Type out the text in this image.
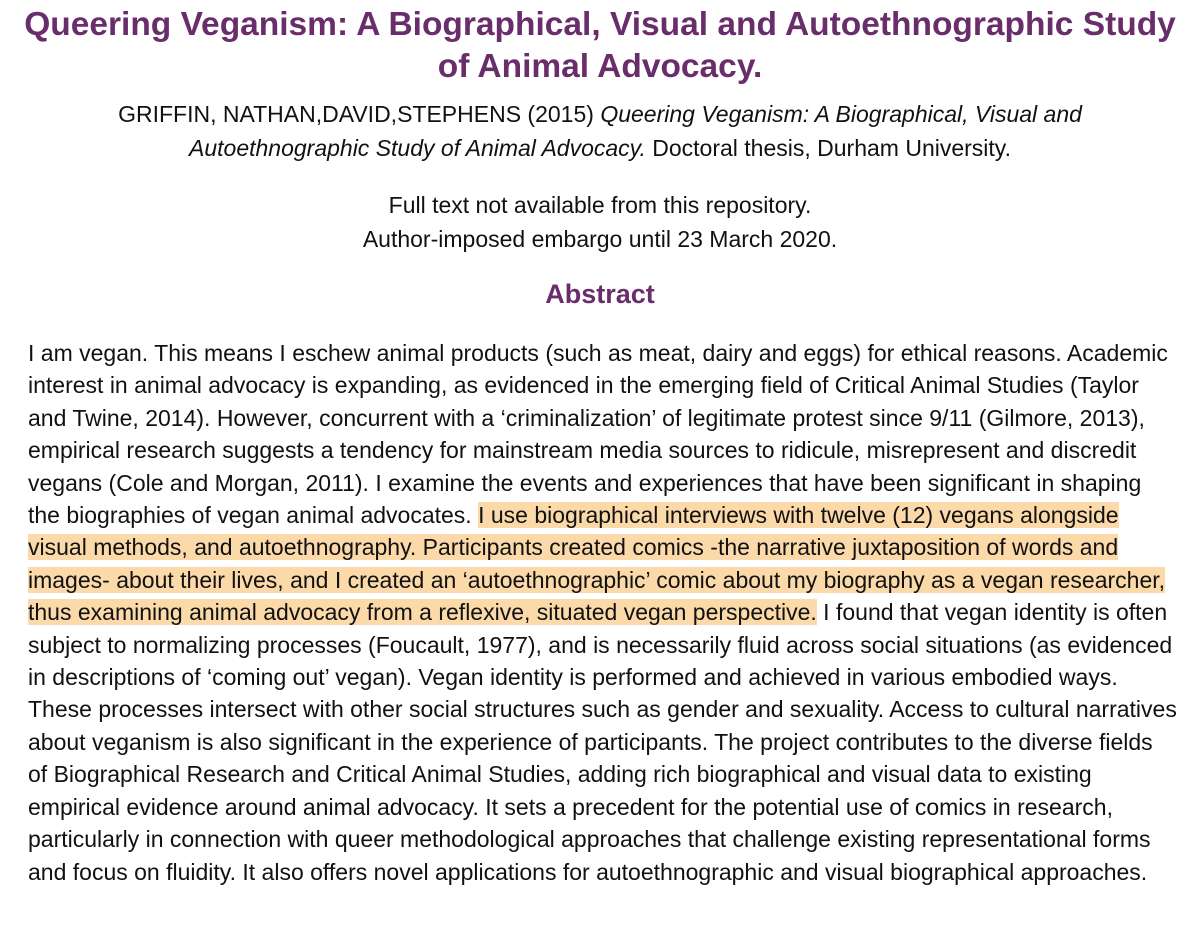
Queering Veganism: A Biographical, Visual and Autoethnographic Study of Animal Advocacy.
GRIFFIN, NATHAN,DAVID,STEPHENS (2015) Queering Veganism: A Biographical, Visual and Autoethnographic Study of Animal Advocacy. Doctoral thesis, Durham University.
Full text not available from this repository.
Author-imposed embargo until 23 March 2020.
Abstract

I am vegan. This means I eschew animal products (such as meat, dairy and eggs) for ethical reasons. Academic interest in animal advocacy is expanding, as evidenced in the emerging field of Critical Animal Studies (Taylor and Twine, 2014). However, concurrent with a ‘criminalization’ of legitimate protest since 9/11 (Gilmore, 2013), empirical research suggests a tendency for mainstream media sources to ridicule, misrepresent and discredit vegans (Cole and Morgan, 2011). I examine the events and experiences that have been significant in shaping the biographies of vegan animal advocates. I use biographical interviews with twelve (12) vegans alongside visual methods, and autoethnography. Participants created comics -the narrative juxtaposition of words and images- about their lives, and I created an ‘autoethnographic’ comic about my biography as a vegan researcher, thus examining animal advocacy from a reflexive, situated vegan perspective. I found that vegan identity is often subject to normalizing processes (Foucault, 1977), and is necessarily fluid across social situations (as evidenced in descriptions of ‘coming out’ vegan). Vegan identity is performed and achieved in various embodied ways. These processes intersect with other social structures such as gender and sexuality. Access to cultural narratives about veganism is also significant in the experience of participants. The project contributes to the diverse fields of Biographical Research and Critical Animal Studies, adding rich biographical and visual data to existing empirical evidence around animal advocacy. It sets a precedent for the potential use of comics in research, particularly in connection with queer methodological approaches that challenge existing representational forms and focus on fluidity. It also offers novel applications for autoethnographic and visual biographical approaches.
